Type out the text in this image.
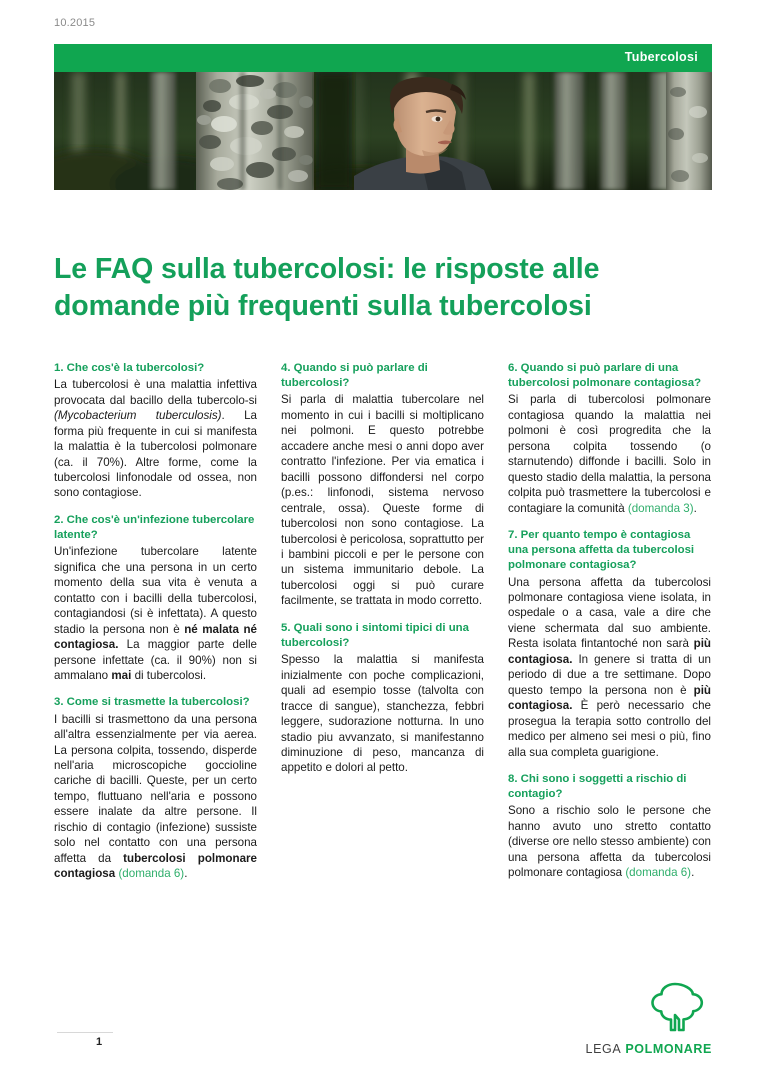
10.2015
Tubercolosi
Le FAQ sulla tubercolosi: le risposte alle
domande più frequenti sulla tubercolosi
1. Che cos'è la tubercolosi?

La tubercolosi è una malattia infettiva provocata dal bacillo della tubercolo-si (Mycobacterium tuberculosis). La forma più frequente in cui si manifesta la malattia è la tubercolosi polmonare (ca. il 70%). Altre forme, come la tubercolosi linfonodale od ossea, non sono contagiose.

2. Che cos'è un'infezione tubercolare latente?

Un'infezione tubercolare latente significa che una persona in un certo momento della sua vita è venuta a contatto con i bacilli della tubercolosi, contagiandosi (si è infettata). A questo stadio la persona non è né malata né contagiosa. La maggior parte delle persone infettate (ca. il 90%) non si ammalano mai di tubercolosi.

3. Come si trasmette la tubercolosi?

I bacilli si trasmettono da una persona all'altra essenzialmente per via aerea. La persona colpita, tossendo, disperde nell'aria microscopiche goccioline cariche di bacilli. Queste, per un certo tempo, fluttuano nell'aria e possono essere inalate da altre persone. Il rischio di contagio (infezione) sussiste solo nel contatto con una persona affetta da tubercolosi polmonare contagiosa (domanda 6).

4. Quando si può parlare di tubercolosi?

Si parla di malattia tubercolare nel momento in cui i bacilli si moltiplicano nei polmoni. E questo potrebbe accadere anche mesi o anni dopo aver contratto l'infezione. Per via ematica i bacilli possono diffondersi nel corpo (p.es.: linfonodi, sistema nervoso centrale, ossa). Queste forme di tubercolosi non sono contagiose. La tubercolosi è pericolosa, soprattutto per i bambini piccoli e per le persone con un sistema immunitario debole. La tubercolosi oggi si può curare facilmente, se trattata in modo corretto.

5. Quali sono i sintomi tipici di una tubercolosi?

Spesso la malattia si manifesta inizialmente con poche complicazioni, quali ad esempio tosse (talvolta con tracce di sangue), stanchezza, febbri leggere, sudorazione notturna. In uno stadio piu avvanzato, si manifestanno diminuzione di peso, mancanza di appetito e dolori al petto.

6. Quando si può parlare di una tubercolosi polmonare contagiosa?

Si parla di tubercolosi polmonare contagiosa quando la malattia nei polmoni è così progredita che la persona colpita tossendo (o starnutendo) diffonde i bacilli. Solo in questo stadio della malattia, la persona colpita può trasmettere la tubercolosi e contagiare la comunità (domanda 3).

7. Per quanto tempo è contagiosa una persona affetta da tubercolosi polmonare contagiosa?

Una persona affetta da tubercolosi polmonare contagiosa viene isolata, in ospedale o a casa, vale a dire che viene schermata dal suo ambiente. Resta isolata fintantoché non sarà più contagiosa. In genere si tratta di un periodo di due a tre settimane. Dopo questo tempo la persona non è più contagiosa. È però necessario che prosegua la terapia sotto controllo del medico per almeno sei mesi o più, fino alla sua completa guarigione.

8. Chi sono i soggetti a rischio di contagio?

Sono a rischio solo le persone che hanno avuto uno stretto contatto (diverse ore nello stesso ambiente) con una persona affetta da tubercolosi polmonare contagiosa (domanda 6).

1	LEGA POLMONARE
